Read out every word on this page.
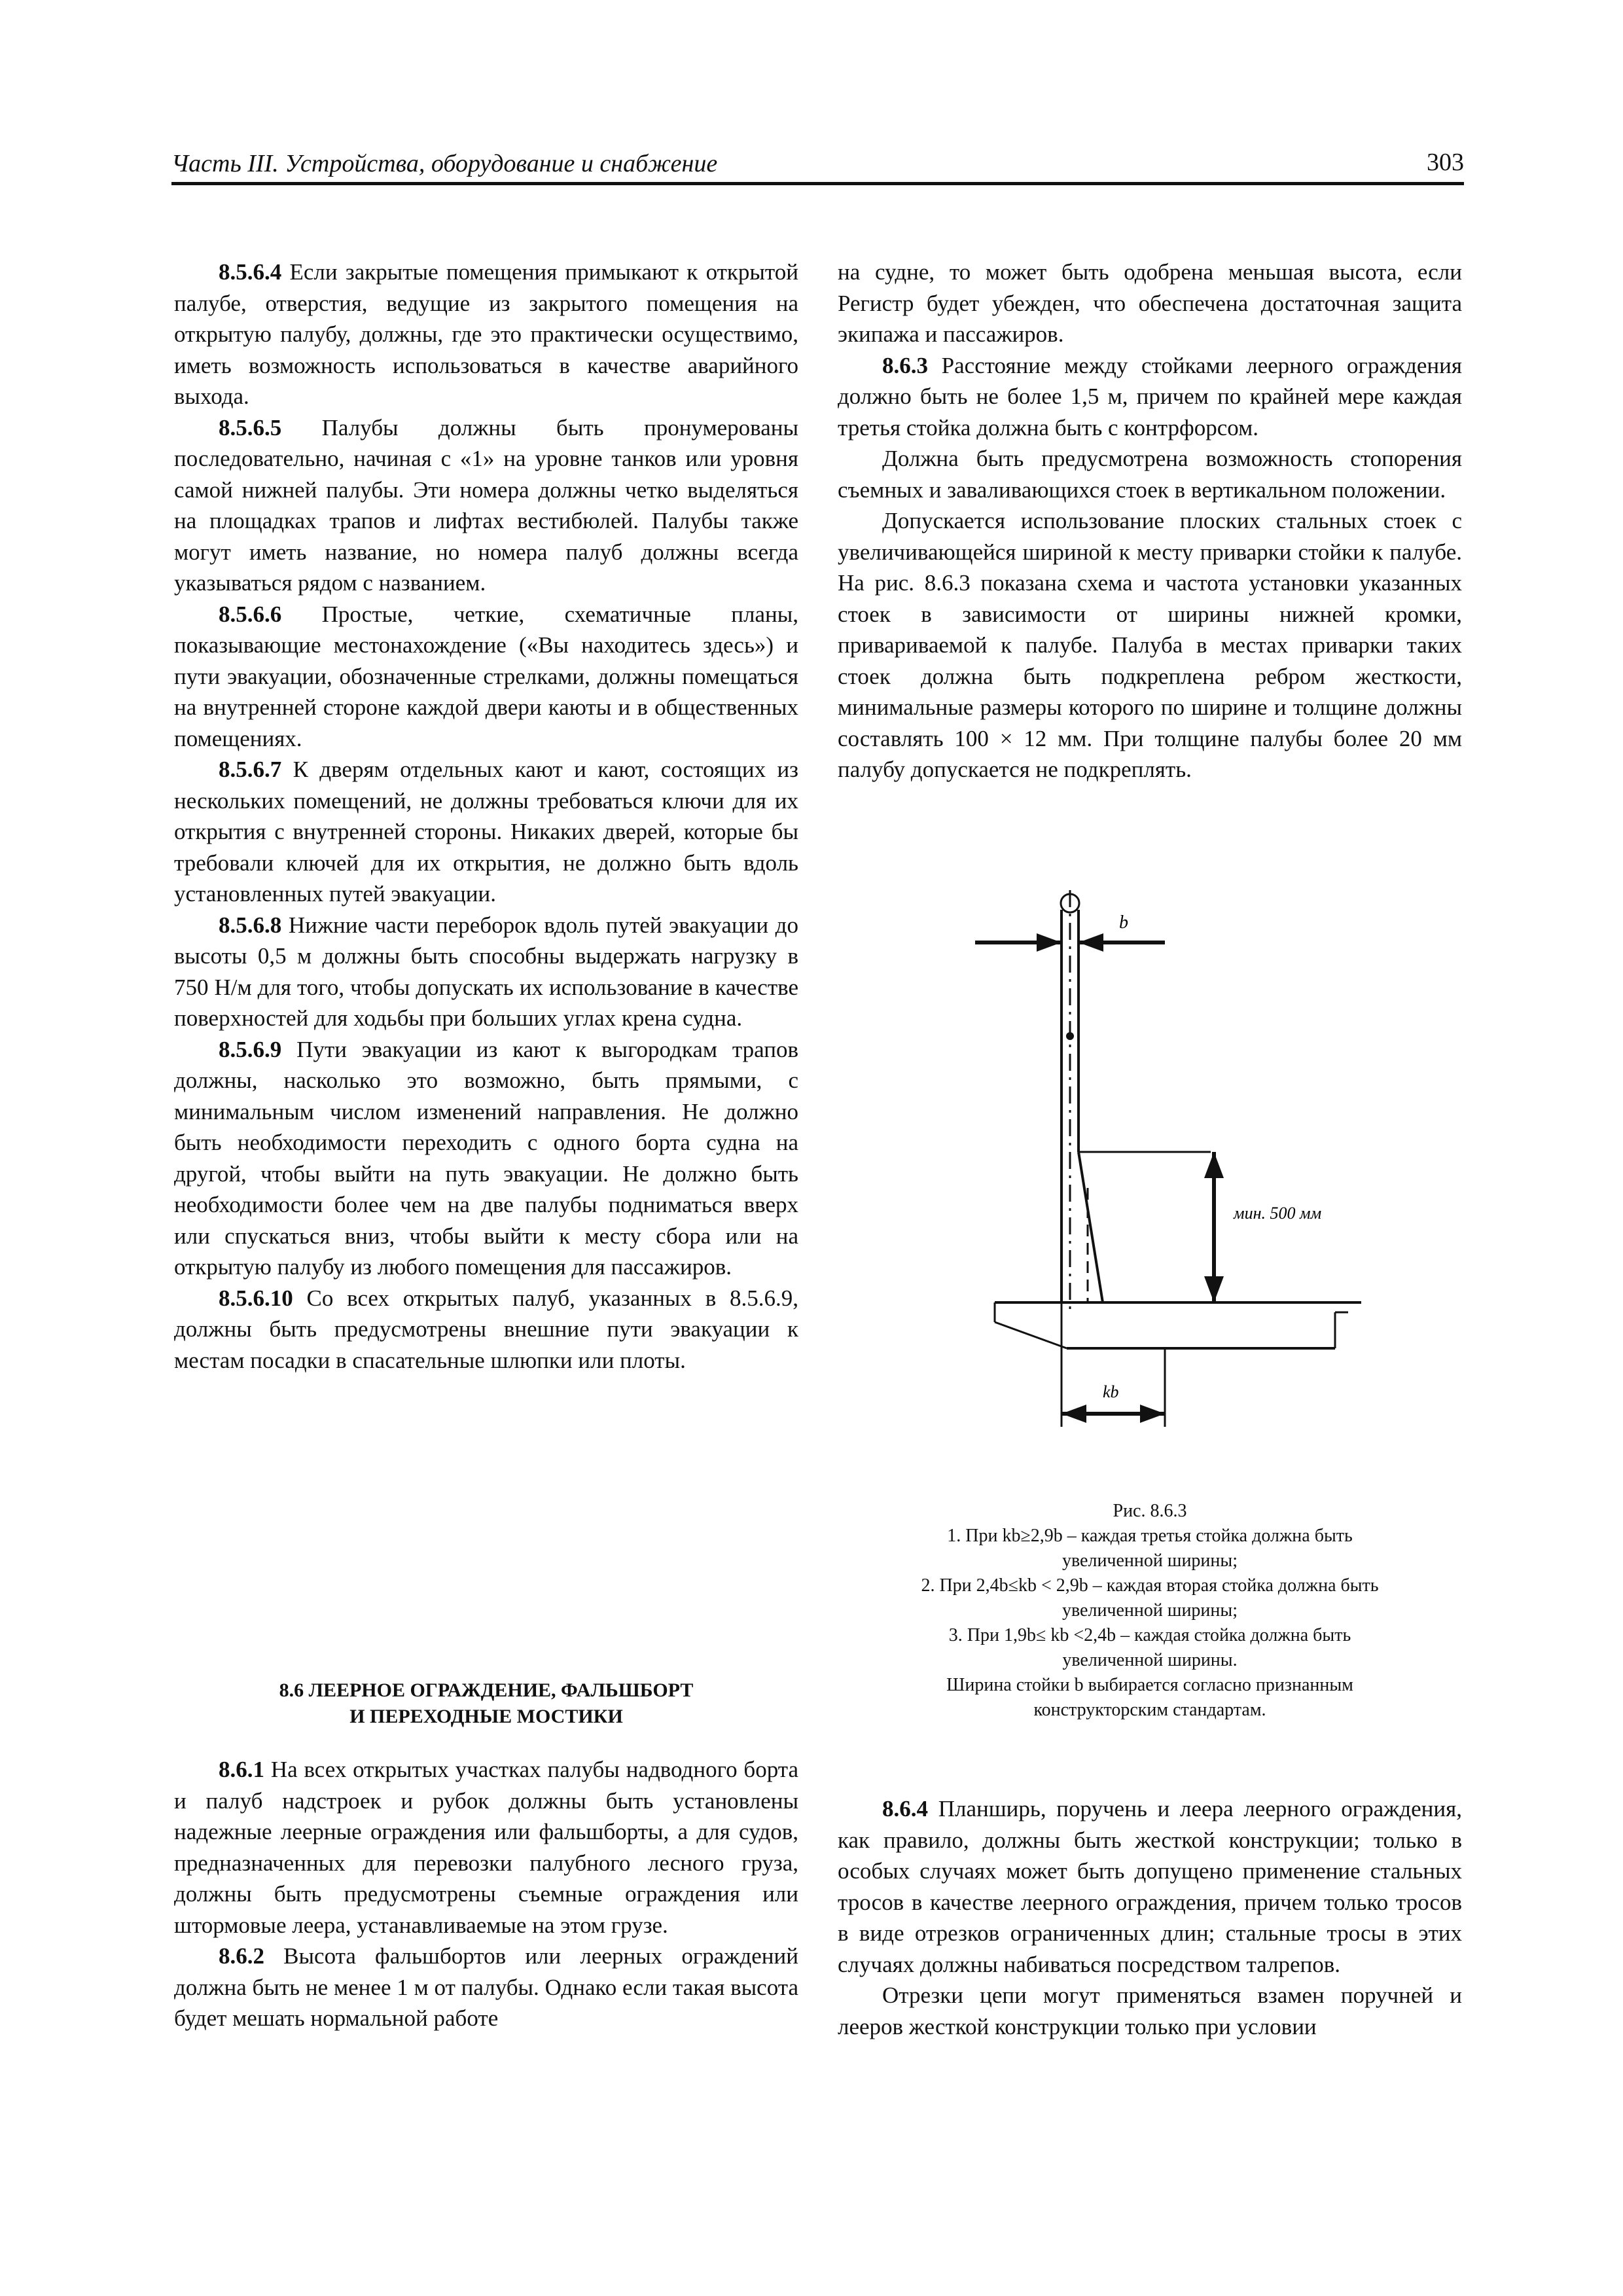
Часть III. Устройства, оборудование и снабжение	303

8.5.6.4 Если закрытые помещения примыкают к открытой палубе, отверстия, ведущие из закрытого помещения на открытую палубу, должны, где это практически осуществимо, иметь возможность использоваться в качестве аварийного выхода.

8.5.6.5 Палубы должны быть пронумерованы последовательно, начиная с «1» на уровне танков или уровня самой нижней палубы. Эти номера должны четко выделяться на площадках трапов и лифтах вестибюлей. Палубы также могут иметь название, но номера палуб должны всегда указываться рядом с названием.

8.5.6.6 Простые, четкие, схематичные планы, показывающие местонахождение («Вы находитесь здесь») и пути эвакуации, обозначенные стрелками, должны помещаться на внутренней стороне каждой двери каюты и в общественных помещениях.

8.5.6.7 К дверям отдельных кают и кают, состоящих из нескольких помещений, не должны требоваться ключи для их открытия с внутренней стороны. Никаких дверей, которые бы требовали ключей для их открытия, не должно быть вдоль установленных путей эвакуации.

8.5.6.8 Нижние части переборок вдоль путей эвакуации до высоты 0,5 м должны быть способны выдержать нагрузку в 750 Н/м для того, чтобы допускать их использование в качестве поверхностей для ходьбы при больших углах крена судна.

8.5.6.9 Пути эвакуации из кают к выгородкам трапов должны, насколько это возможно, быть прямыми, с минимальным числом изменений направления. Не должно быть необходимости переходить с одного борта судна на другой, чтобы выйти на путь эвакуации. Не должно быть необходимости более чем на две палубы подниматься вверх или спускаться вниз, чтобы выйти к месту сбора или на открытую палубу из любого помещения для пассажиров.

8.5.6.10 Со всех открытых палуб, указанных в 8.5.6.9, должны быть предусмотрены внешние пути эвакуации к местам посадки в спасательные шлюпки или плоты.

8.6 ЛЕЕРНОЕ ОГРАЖДЕНИЕ, ФАЛЬШБОРТ
И ПЕРЕХОДНЫЕ МОСТИКИ

8.6.1 На всех открытых участках палубы надводного борта и палуб надстроек и рубок должны быть установлены надежные леерные ограждения или фальшборты, а для судов, предназначенных для перевозки палубного лесного груза, должны быть предусмотрены съемные ограждения или штормовые леера, устанавливаемые на этом грузе.

8.6.2 Высота фальшбортов или леерных ограждений должна быть не менее 1 м от палубы. Однако если такая высота будет мешать нормальной работе

на судне, то может быть одобрена меньшая высота, если Регистр будет убежден, что обеспечена достаточная защита экипажа и пассажиров.

8.6.3 Расстояние между стойками леерного ограждения должно быть не более 1,5 м, причем по крайней мере каждая третья стойка должна быть с контрфорсом.

Должна быть предусмотрена возможность стопорения съемных и заваливающихся стоек в вертикальном положении.

Допускается использование плоских стальных стоек с увеличивающейся шириной к месту приварки стойки к палубе. На рис. 8.6.3 показана схема и частота установки указанных стоек в зависимости от ширины нижней кромки, привариваемой к палубе. Палуба в местах приварки таких стоек должна быть подкреплена ребром жесткости, минимальные размеры которого по ширине и толщине должны составлять 100 × 12 мм. При толщине палубы более 20 мм палубу допускается не подкреплять.

b
мин. 500 мм
kb
Рис. 8.6.3
1. При kb≥2,9b – каждая третья стойка должна быть
увеличенной ширины;
2. При 2,4b≤kb < 2,9b – каждая вторая стойка должна быть
увеличенной ширины;
3. При 1,9b≤ kb <2,4b – каждая стойка должна быть
увеличенной ширины.
Ширина стойки b выбирается согласно признанным
конструкторским стандартам.

8.6.4 Планширь, поручень и леера леерного ограждения, как правило, должны быть жесткой конструкции; только в особых случаях может быть допущено применение стальных тросов в качестве леерного ограждения, причем только тросов в виде отрезков ограниченных длин; стальные тросы в этих случаях должны набиваться посредством талрепов.

Отрезки цепи могут применяться взамен поручней и лееров жесткой конструкции только при условии
